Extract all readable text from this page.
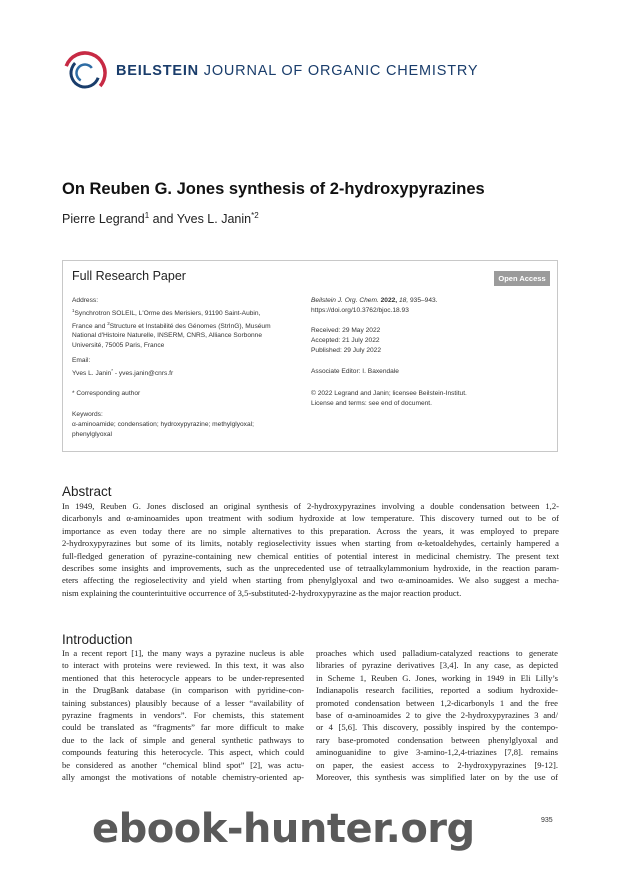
BEILSTEIN JOURNAL OF ORGANIC CHEMISTRY
On Reuben G. Jones synthesis of 2-hydroxypyrazines
Pierre Legrand$^1$ and Yves L. Janin$^{*2}$
Full Research Paper	Open Access
Address:
$^1$Synchrotron SOLEIL, L'Orme des Merisiers, 91190 Saint-Aubin,
France and $^2$Structure et Instabilité des Génomes (StrInG), Muséum
National d'Histoire Naturelle, INSERM, CNRS, Alliance Sorbonne
Université, 75005 Paris, France
Email:
Yves L. Janin* - yves.janin@cnrs.fr
* Corresponding author
Keywords:
α-aminoamide; condensation; hydroxypyrazine; methylglyoxal;
phenylglyoxal
Beilstein J. Org. Chem. 2022, 18, 935–943.
https://doi.org/10.3762/bjoc.18.93
Received: 29 May 2022
Accepted: 21 July 2022
Published: 29 July 2022
Associate Editor: I. Baxendale
© 2022 Legrand and Janin; licensee Beilstein-Institut.
License and terms: see end of document.
Abstract
In 1949, Reuben G. Jones disclosed an original synthesis of 2-hydroxypyrazines involving a double condensation between 1,2-
dicarbonyls and α-aminoamides upon treatment with sodium hydroxide at low temperature. This discovery turned out to be of
importance as even today there are no simple alternatives to this preparation. Across the years, it was employed to prepare
2-hydroxypyrazines but some of its limits, notably regioselectivity issues when starting from α-ketoaldehydes, certainly hampered a
full-fledged generation of pyrazine-containing new chemical entities of potential interest in medicinal chemistry. The present text
describes some insights and improvements, such as the unprecedented use of tetraalkylammonium hydroxide, in the reaction param-
eters affecting the regioselectivity and yield when starting from phenylglyoxal and two α-aminoamides. We also suggest a mecha-
nism explaining the counterintuitive occurrence of 3,5-substituted-2-hydroxypyrazine as the major reaction product.
Introduction
In a recent report [1], the many ways a pyrazine nucleus is able
to interact with proteins were reviewed. In this text, it was also
mentioned that this heterocycle appears to be under-represented
in the DrugBank database (in comparison with pyridine-con-
taining substances) plausibly because of a lesser “availability of
pyrazine fragments in vendors”. For chemists, this statement
could be translated as “fragments” far more difficult to make
due to the lack of simple and general synthetic pathways to
compounds featuring this heterocycle. This aspect, which could
be considered as another “chemical blind spot” [2], was actu-
ally amongst the motivations of notable chemistry-oriented ap-
proaches which used palladium-catalyzed reactions to generate
libraries of pyrazine derivatives [3,4]. In any case, as depicted
in Scheme 1, Reuben G. Jones, working in 1949 in Eli Lilly’s
Indianapolis research facilities, reported a sodium hydroxide-
promoted condensation between 1,2-dicarbonyls 1 and the free
base of α-aminoamides 2 to give the 2-hydroxypyrazines 3 and/
or 4 [5,6]. This discovery, possibly inspired by the contempo-
rary base-promoted condensation between phenylglyoxal and
aminoguanidine to give 3-amino-1,2,4-triazines [7,8]. remains
on paper, the easiest access to 2-hydroxypyrazines [9-12].
Moreover, this synthesis was simplified later on by the use of
935
ebook-hunter.org
